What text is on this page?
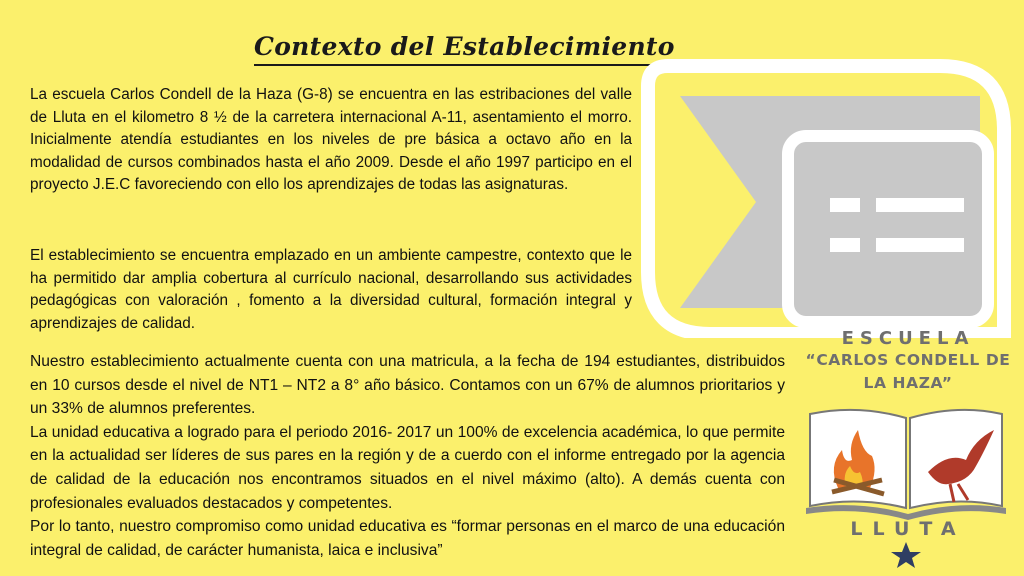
Contexto del Establecimiento

La escuela Carlos Condell de la Haza (G-8) se encuentra en las estribaciones del valle de Lluta en el kilometro 8 ½ de la carretera internacional A-11, asentamiento el morro. Inicialmente atendía estudiantes en los niveles de pre básica a octavo año en la modalidad de cursos combinados hasta el año 2009. Desde el año 1997 participo en el proyecto J.E.C favoreciendo con ello los aprendizajes de todas las asignaturas.

El establecimiento se encuentra emplazado en un ambiente campestre, contexto que le ha permitido dar amplia cobertura al currículo nacional, desarrollando sus actividades pedagógicas con valoración , fomento a la diversidad cultural, formación integral y aprendizajes de calidad.

Nuestro establecimiento actualmente cuenta con una matricula, a la fecha de 194 estudiantes, distribuidos en 10 cursos desde el nivel de NT1 – NT2 a 8° año básico. Contamos con un 67% de alumnos prioritarios y un 33% de alumnos preferentes.
La unidad educativa a logrado para el periodo 2016- 2017 un 100% de excelencia académica, lo que permite en la actualidad ser líderes de sus pares en la región y de a cuerdo con el informe entregado por la agencia de calidad de la educación nos encontramos situados en el nivel máximo (alto). A demás cuenta con profesionales evaluados destacados y competentes.
Por lo tanto, nuestro compromiso como unidad educativa es “formar personas en el marco de una educación integral de calidad, de carácter humanista, laica e inclusiva”
ESCUELA
“CARLOS CONDELL DE
LA HAZA”
LLUTA
